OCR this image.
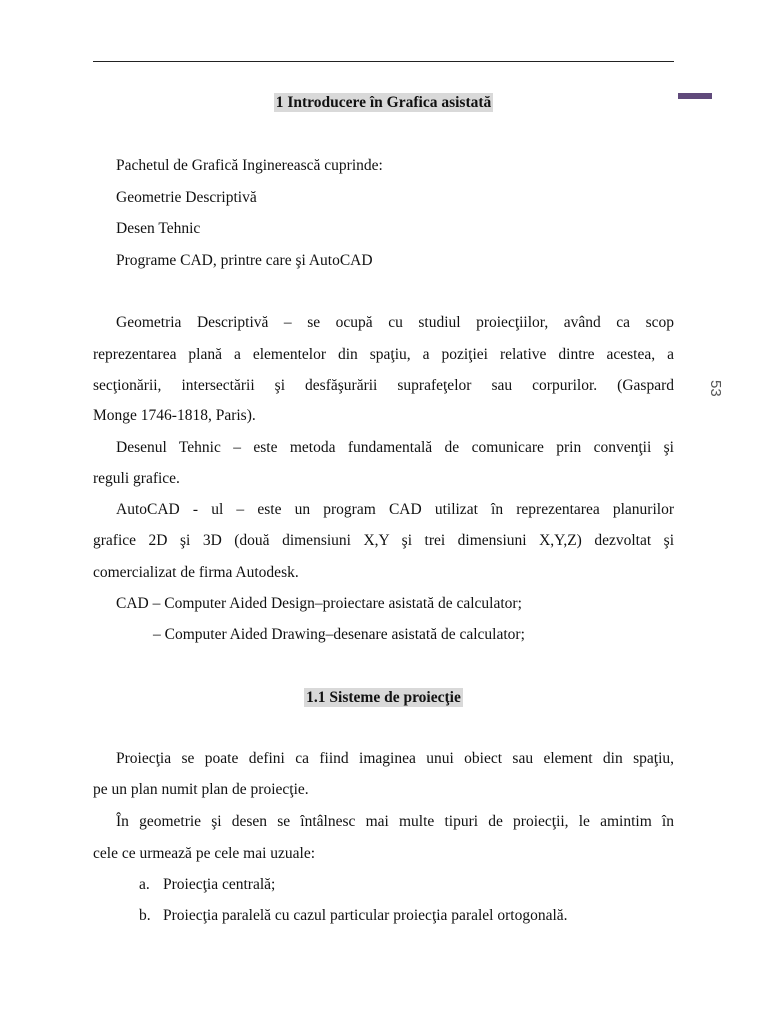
53
1 Introducere în Grafica asistată
Pachetul de Grafică Inginerească cuprinde:
Geometrie Descriptivă
Desen Tehnic
Programe CAD, printre care şi AutoCAD
Geometria Descriptivă – se ocupă cu studiul proiecţiilor, având ca scop
reprezentarea plană a elementelor din spaţiu, a poziţiei relative dintre acestea, a
secţionării, intersectării şi desfăşurării suprafeţelor sau corpurilor. (Gaspard
Monge 1746-1818, Paris).
Desenul Tehnic – este metoda fundamentală de comunicare prin convenţii şi
reguli grafice.
AutoCAD - ul – este un program CAD utilizat în reprezentarea planurilor
grafice 2D şi 3D (două dimensiuni X,Y şi trei dimensiuni X,Y,Z) dezvoltat şi
comercializat de firma Autodesk.
CAD – Computer Aided Design–proiectare asistată de calculator;
– Computer Aided Drawing–desenare asistată de calculator;
1.1 Sisteme de proiecţie
Proiecţia se poate defini ca fiind imaginea unui obiect sau element din spaţiu,
pe un plan numit plan de proiecţie.
În geometrie şi desen se întâlnesc mai multe tipuri de proiecţii, le amintim în
cele ce urmează pe cele mai uzuale:
a. Proiecţia centrală;
b. Proiecţia paralelă cu cazul particular proiecţia paralel ortogonală.
